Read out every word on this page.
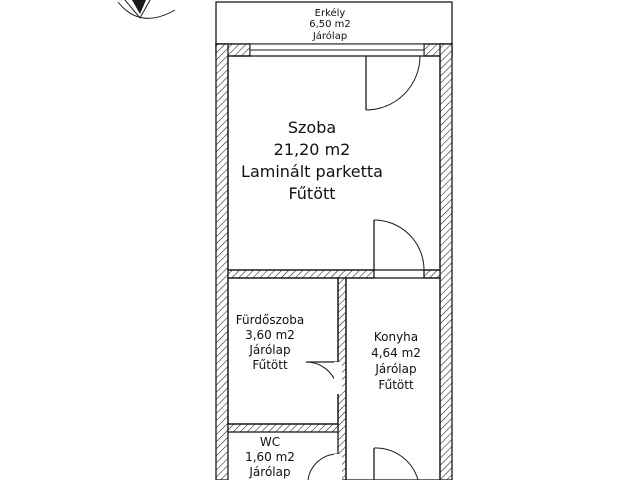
Erkély
6,50 m2
Járólap
Szoba
21,20 m2
Laminált parketta
Fűtött
Fürdőszoba
3,60 m2
Járólap
Fűtött
Konyha
4,64 m2
Járólap
Fűtött
WC
1,60 m2
Járólap
